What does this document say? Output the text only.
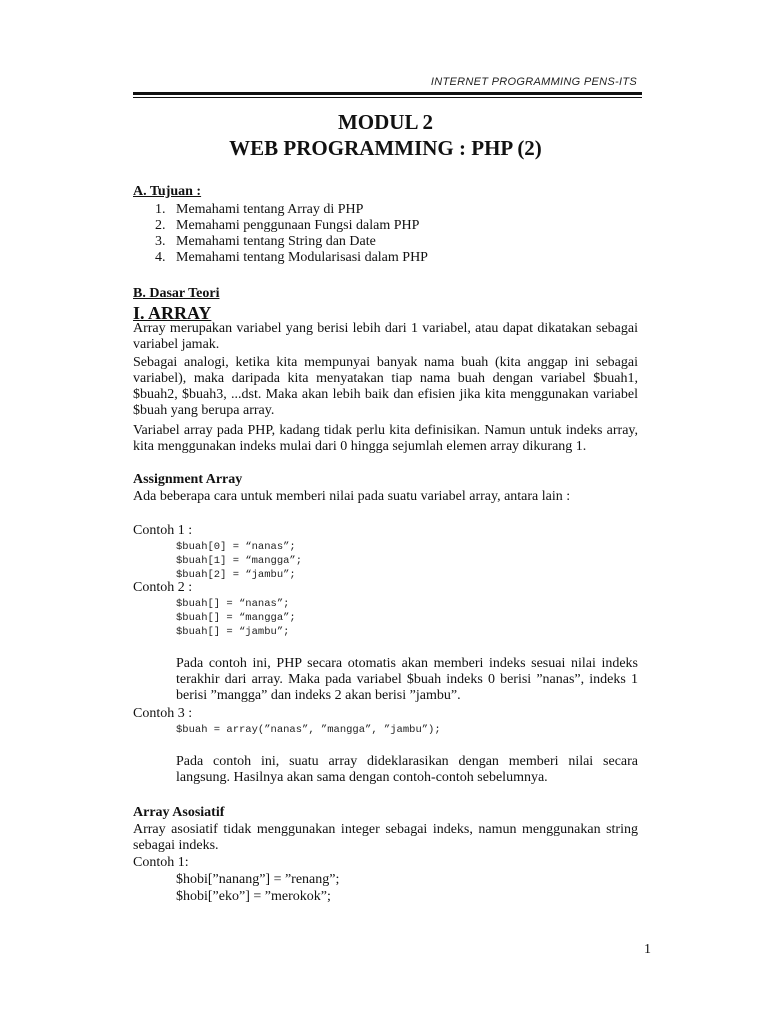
INTERNET PROGRAMMING PENS-ITS
MODUL 2
WEB PROGRAMMING : PHP (2)
A. Tujuan :
1. Memahami tentang Array di PHP
2. Memahami penggunaan Fungsi dalam PHP
3. Memahami tentang String dan Date
4. Memahami tentang Modularisasi dalam PHP
B. Dasar Teori
I. ARRAY

Array merupakan variabel yang berisi lebih dari 1 variabel, atau dapat dikatakan sebagai variabel jamak.

Sebagai analogi, ketika kita mempunyai banyak nama buah (kita anggap ini sebagai variabel), maka daripada kita menyatakan tiap nama buah dengan variabel $buah1, $buah2, $buah3, ...dst. Maka akan lebih baik dan efisien jika kita menggunakan variabel $buah yang berupa array.

Variabel array pada PHP, kadang tidak perlu kita definisikan. Namun untuk indeks array, kita menggunakan indeks mulai dari 0 hingga sejumlah elemen array dikurang 1.

Assignment Array
Ada beberapa cara untuk memberi nilai pada suatu variabel array, antara lain :
Contoh 1 :
$buah[0] = “nanas”;
$buah[1] = “mangga”;
$buah[2] = “jambu”;
Contoh 2 :
$buah[] = “nanas”;
$buah[] = “mangga”;
$buah[] = “jambu”;

Pada contoh ini, PHP secara otomatis akan memberi indeks sesuai nilai indeks terakhir dari array. Maka pada variabel $buah indeks 0 berisi ”nanas”, indeks 1 berisi ”mangga” dan indeks 2 akan berisi ”jambu”.

Contoh 3 :
$buah = array(”nanas”, ”mangga”, ”jambu”);

Pada contoh ini, suatu array dideklarasikan dengan memberi nilai secara langsung. Hasilnya akan sama dengan contoh-contoh sebelumnya.

Array Asosiatif

Array asosiatif tidak menggunakan integer sebagai indeks, namun menggunakan string sebagai indeks.

Contoh 1:
$hobi[”nanang”] = ”renang”;
$hobi[”eko”] = ”merokok”;
1
